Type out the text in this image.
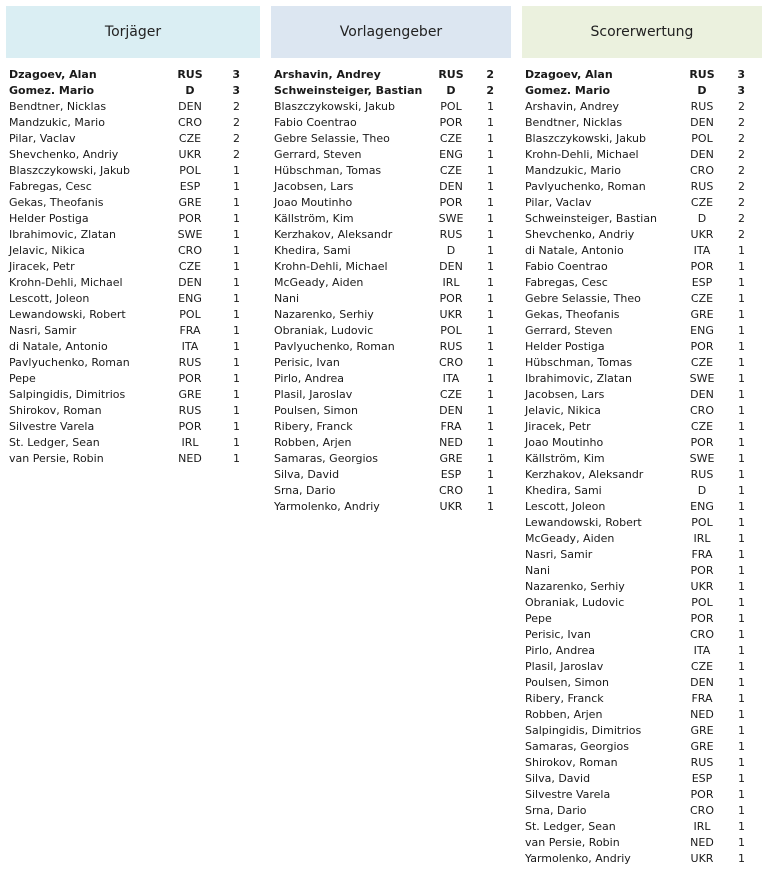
Torjäger
Dzagoev, Alan	RUS	3
Gomez. Mario	D	3
Bendtner, Nicklas	DEN	2
Mandzukic, Mario	CRO	2
Pilar, Vaclav	CZE	2
Shevchenko, Andriy	UKR	2
Blaszczykowski, Jakub	POL	1
Fabregas, Cesc	ESP	1
Gekas, Theofanis	GRE	1
Helder Postiga	POR	1
Ibrahimovic, Zlatan	SWE	1
Jelavic, Nikica	CRO	1
Jiracek, Petr	CZE	1
Krohn-Dehli, Michael	DEN	1
Lescott, Joleon	ENG	1
Lewandowski, Robert	POL	1
Nasri, Samir	FRA	1
di Natale, Antonio	ITA	1
Pavlyuchenko, Roman	RUS	1
Pepe	POR	1
Salpingidis, Dimitrios	GRE	1
Shirokov, Roman	RUS	1
Silvestre Varela	POR	1
St. Ledger, Sean	IRL	1
van Persie, Robin	NED	1
Vorlagengeber
Arshavin, Andrey	RUS	2
Schweinsteiger, Bastian	D	2
Blaszczykowski, Jakub	POL	1
Fabio Coentrao	POR	1
Gebre Selassie, Theo	CZE	1
Gerrard, Steven	ENG	1
Hübschman, Tomas	CZE	1
Jacobsen, Lars	DEN	1
Joao Moutinho	POR	1
Källström, Kim	SWE	1
Kerzhakov, Aleksandr	RUS	1
Khedira, Sami	D	1
Krohn-Dehli, Michael	DEN	1
McGeady, Aiden	IRL	1
Nani	POR	1
Nazarenko, Serhiy	UKR	1
Obraniak, Ludovic	POL	1
Pavlyuchenko, Roman	RUS	1
Perisic, Ivan	CRO	1
Pirlo, Andrea	ITA	1
Plasil, Jaroslav	CZE	1
Poulsen, Simon	DEN	1
Ribery, Franck	FRA	1
Robben, Arjen	NED	1
Samaras, Georgios	GRE	1
Silva, David	ESP	1
Srna, Dario	CRO	1
Yarmolenko, Andriy	UKR	1
Scorerwertung
Dzagoev, Alan	RUS	3
Gomez. Mario	D	3
Arshavin, Andrey	RUS	2
Bendtner, Nicklas	DEN	2
Blaszczykowski, Jakub	POL	2
Krohn-Dehli, Michael	DEN	2
Mandzukic, Mario	CRO	2
Pavlyuchenko, Roman	RUS	2
Pilar, Vaclav	CZE	2
Schweinsteiger, Bastian	D	2
Shevchenko, Andriy	UKR	2
di Natale, Antonio	ITA	1
Fabio Coentrao	POR	1
Fabregas, Cesc	ESP	1
Gebre Selassie, Theo	CZE	1
Gekas, Theofanis	GRE	1
Gerrard, Steven	ENG	1
Helder Postiga	POR	1
Hübschman, Tomas	CZE	1
Ibrahimovic, Zlatan	SWE	1
Jacobsen, Lars	DEN	1
Jelavic, Nikica	CRO	1
Jiracek, Petr	CZE	1
Joao Moutinho	POR	1
Källström, Kim	SWE	1
Kerzhakov, Aleksandr	RUS	1
Khedira, Sami	D	1
Lescott, Joleon	ENG	1
Lewandowski, Robert	POL	1
McGeady, Aiden	IRL	1
Nasri, Samir	FRA	1
Nani	POR	1
Nazarenko, Serhiy	UKR	1
Obraniak, Ludovic	POL	1
Pepe	POR	1
Perisic, Ivan	CRO	1
Pirlo, Andrea	ITA	1
Plasil, Jaroslav	CZE	1
Poulsen, Simon	DEN	1
Ribery, Franck	FRA	1
Robben, Arjen	NED	1
Salpingidis, Dimitrios	GRE	1
Samaras, Georgios	GRE	1
Shirokov, Roman	RUS	1
Silva, David	ESP	1
Silvestre Varela	POR	1
Srna, Dario	CRO	1
St. Ledger, Sean	IRL	1
van Persie, Robin	NED	1
Yarmolenko, Andriy	UKR	1
